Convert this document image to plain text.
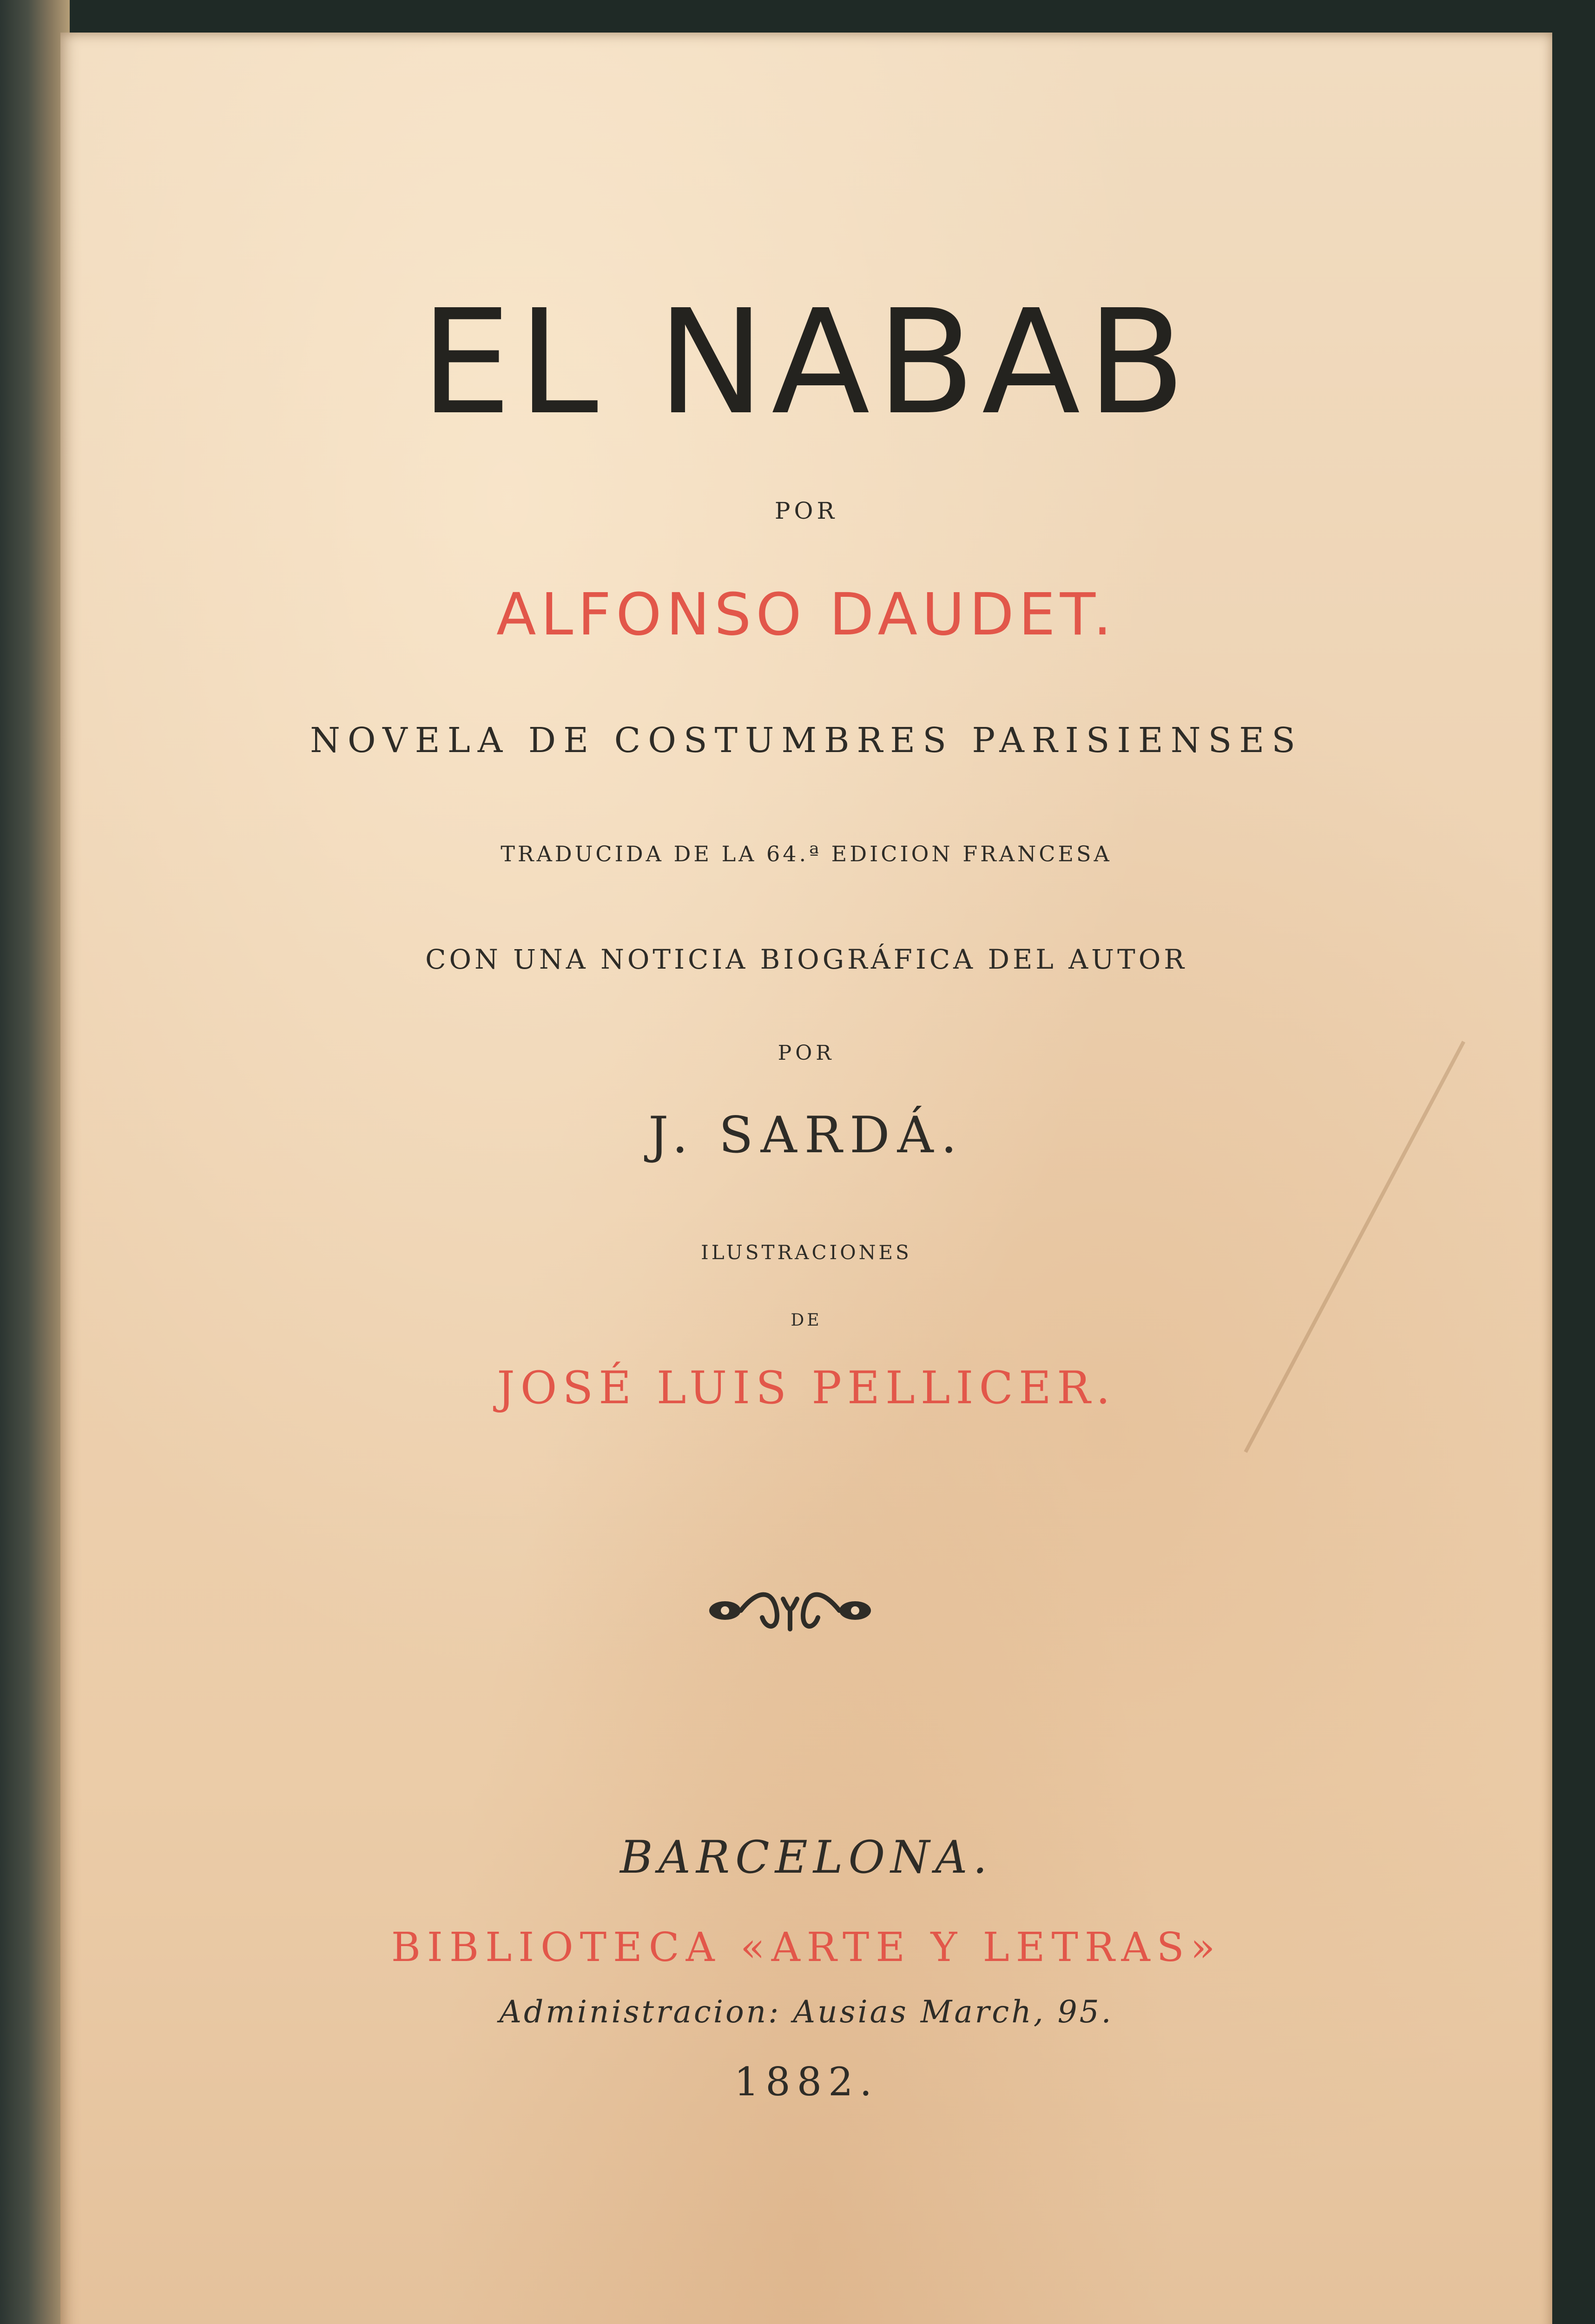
EL NABAB
POR
ALFONSO DAUDET.
NOVELA DE COSTUMBRES PARISIENSES
TRADUCIDA DE LA 64.ª EDICION FRANCESA
CON UNA NOTICIA BIOGRÁFICA DEL AUTOR
POR
J. SARDÁ.
ILUSTRACIONES
DE
JOSÉ LUIS PELLICER.
BARCELONA.
BIBLIOTECA «ARTE Y LETRAS»
Administracion: Ausias March, 95.
1882.
